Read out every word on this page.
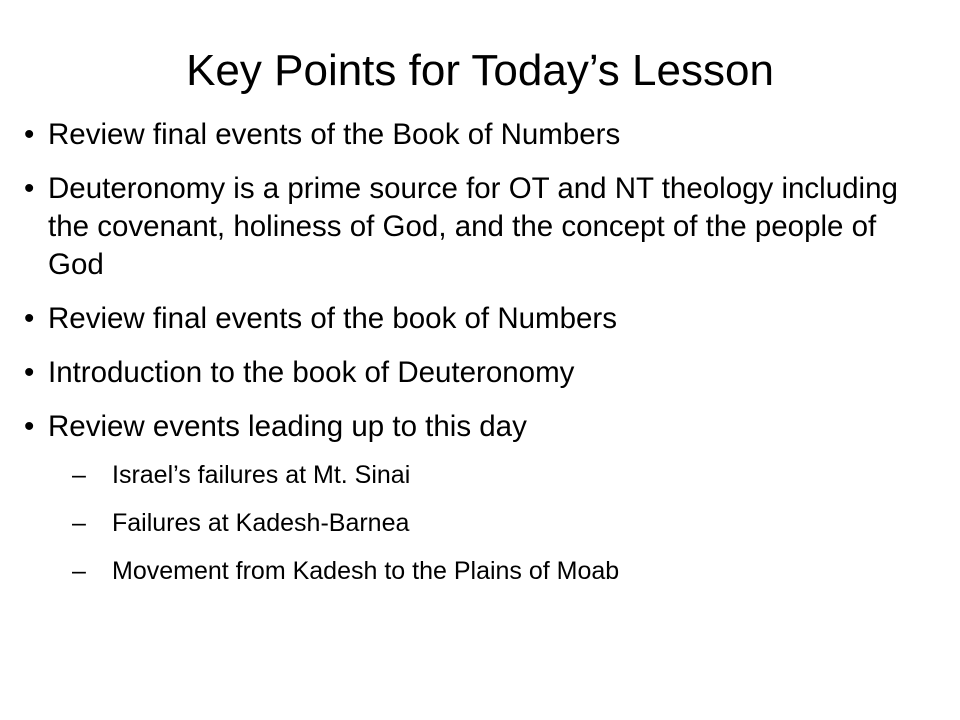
Key Points for Today’s Lesson
• Review final events of the Book of Numbers
• Deuteronomy is a prime source for OT and NT theology including the covenant, holiness of God, and the concept of the people of God
• Review final events of the book of Numbers
• Introduction to the book of Deuteronomy
• Review events leading up to this day
–	Israel’s failures at Mt. Sinai
–	Failures at Kadesh-Barnea
–	Movement from Kadesh to the Plains of Moab
